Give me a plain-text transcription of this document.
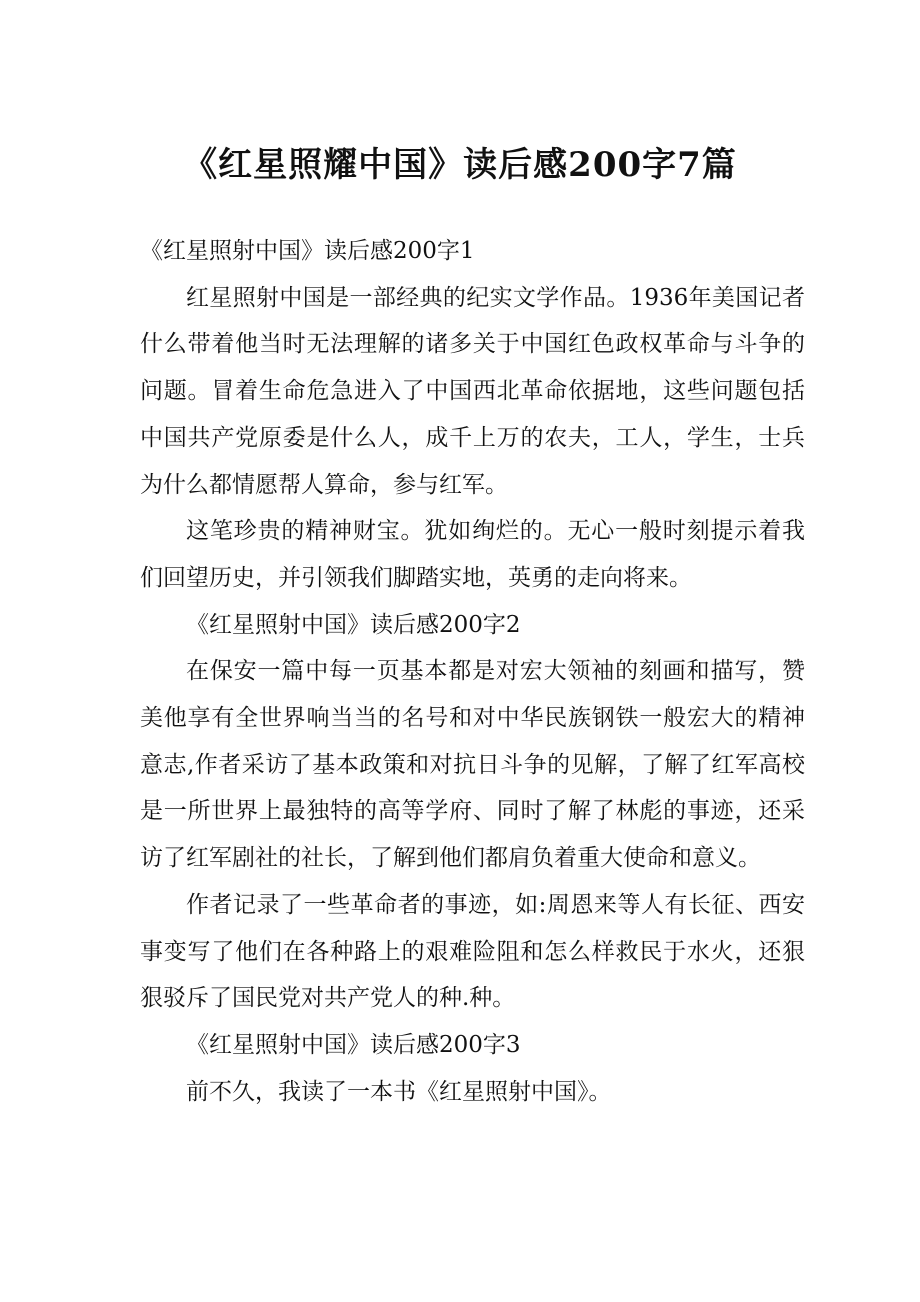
《红星照耀中国》读后感200字7篇

《红星照射中国》读后感200字1

红星照射中国是一部经典的纪实文学作品。1936年美国记者什么带着他当时无法理解的诸多关于中国红色政权革命与斗争的问题。冒着生命危急进入了中国西北革命依据地，这些问题包括中国共产党原委是什么人，成千上万的农夫，工人，学生，士兵为什么都情愿帮人算命，参与红军。

这笔珍贵的精神财宝。犹如绚烂的。无心一般时刻提示着我们回望历史，并引领我们脚踏实地，英勇的走向将来。

《红星照射中国》读后感200字2

在保安一篇中每一页基本都是对宏大领袖的刻画和描写，赞美他享有全世界响当当的名号和对中华民族钢铁一般宏大的精神意志,作者采访了基本政策和对抗日斗争的见解，了解了红军高校是一所世界上最独特的高等学府、同时了解了林彪的事迹，还采访了红军剧社的社长，了解到他们都肩负着重大使命和意义。

作者记录了一些革命者的事迹，如:周恩来等人有长征、西安事变写了他们在各种路上的艰难险阻和怎么样救民于水火，还狠狠驳斥了国民党对共产党人的种.种。

《红星照射中国》读后感200字3

前不久，我读了一本书《红星照射中国》。
